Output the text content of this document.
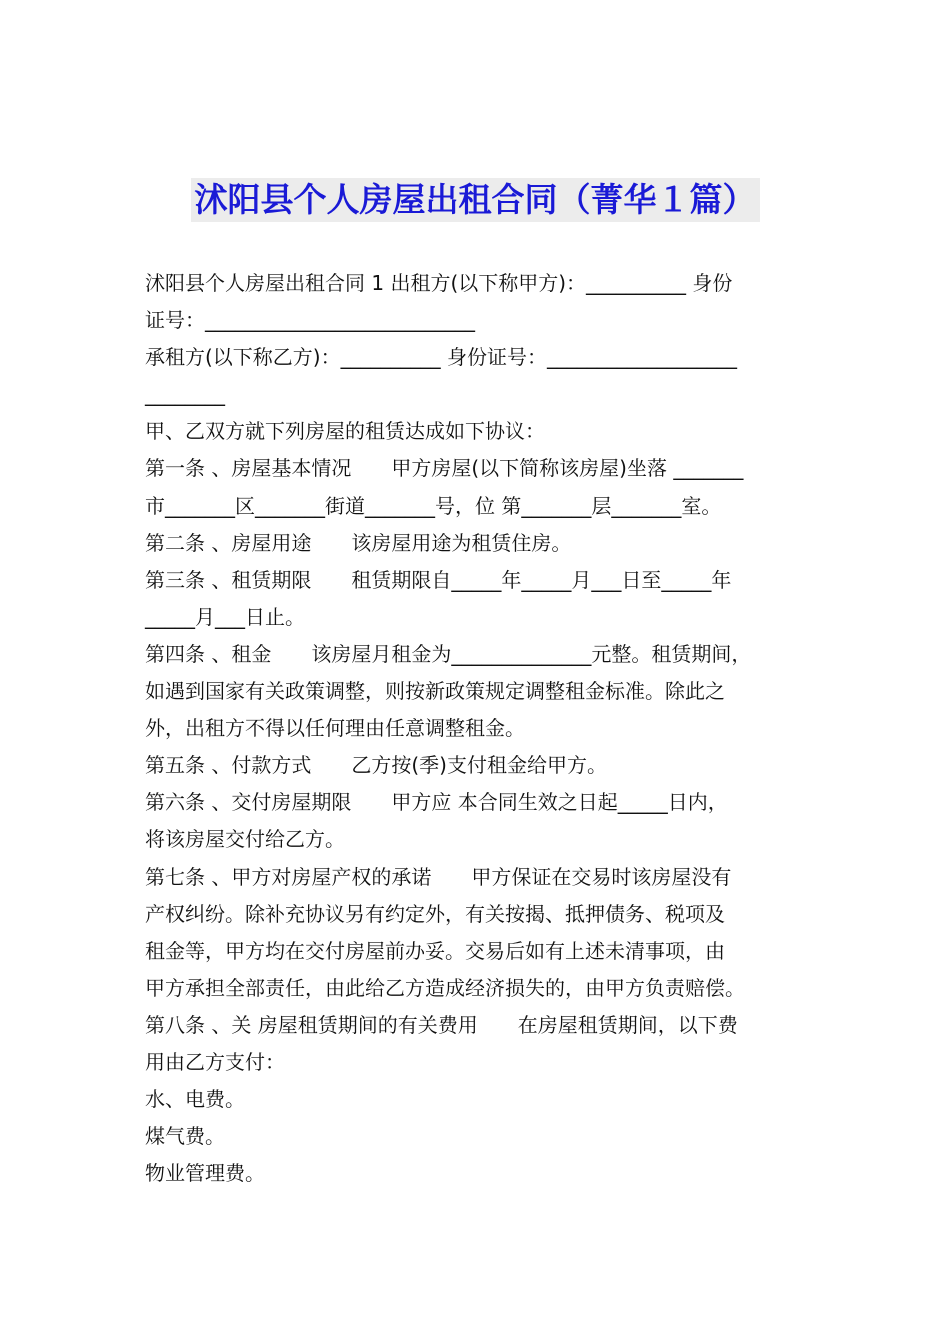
沭阳县个人房屋出租合同（菁华１篇）
沭阳县个人房屋出租合同 1 出租方(以下称甲方)：__________ 身份
证号：___________________________
承租方(以下称乙方)：__________ 身份证号：___________________
________
甲、乙双方就下列房屋的租赁达成如下协议：
第一条 、房屋基本情况　　甲方房屋(以下简称该房屋)坐落 _______
市_______区_______街道_______号，位 第_______层_______室。
第二条 、房屋用途　　该房屋用途为租赁住房。
第三条 、租赁期限　　租赁期限自_____年_____月___日至_____年
_____月___日止。
第四条 、租金　　该房屋月租金为______________元整。租赁期间，
如遇到国家有关政策调整，则按新政策规定调整租金标准。除此之
外，出租方不得以任何理由任意调整租金。
第五条 、付款方式　　乙方按(季)支付租金给甲方。
第六条 、交付房屋期限　　甲方应 本合同生效之日起_____日内，
将该房屋交付给乙方。
第七条 、甲方对房屋产权的承诺　　甲方保证在交易时该房屋没有
产权纠纷。除补充协议另有约定外，有关按揭、抵押债务、税项及
租金等，甲方均在交付房屋前办妥。交易后如有上述未清事项，由
甲方承担全部责任，由此给乙方造成经济损失的，由甲方负责赔偿。
第八条 、关 房屋租赁期间的有关费用　　在房屋租赁期间，以下费
用由乙方支付：
水、电费。
煤气费。
物业管理费。
